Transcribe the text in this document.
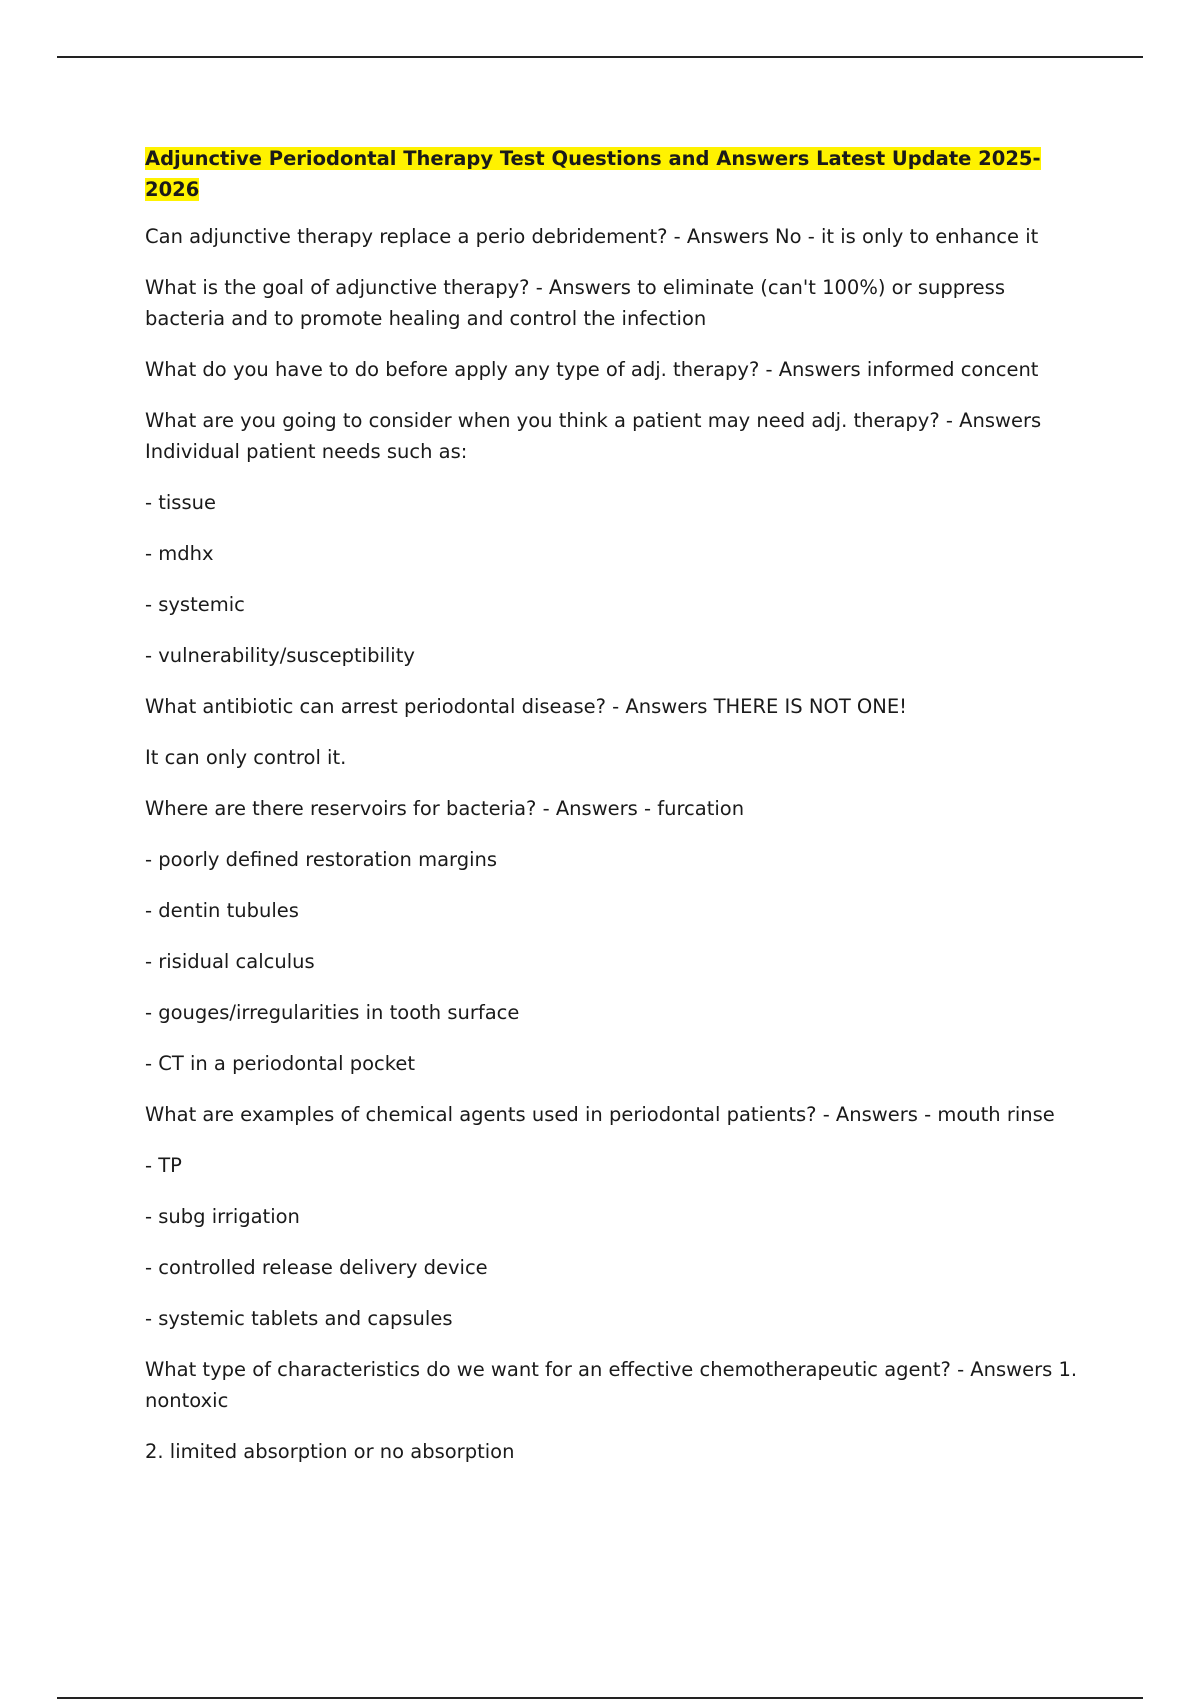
Adjunctive Periodontal Therapy Test Questions and Answers Latest Update 2025-2026

Can adjunctive therapy replace a perio debridement? - Answers No - it is only to enhance it

What is the goal of adjunctive therapy? - Answers to eliminate (can't 100%) or suppress bacteria and to promote healing and control the infection

What do you have to do before apply any type of adj. therapy? - Answers informed concent

What are you going to consider when you think a patient may need adj. therapy? - Answers Individual patient needs such as:

- tissue

- mdhx

- systemic

- vulnerability/susceptibility

What antibiotic can arrest periodontal disease? - Answers THERE IS NOT ONE!

It can only control it.

Where are there reservoirs for bacteria? - Answers - furcation

- poorly defined restoration margins

- dentin tubules

- risidual calculus

- gouges/irregularities in tooth surface

- CT in a periodontal pocket

What are examples of chemical agents used in periodontal patients? - Answers - mouth rinse

- TP

- subg irrigation

- controlled release delivery device

- systemic tablets and capsules

What type of characteristics do we want for an effective chemotherapeutic agent? - Answers 1. nontoxic

2. limited absorption or no absorption
